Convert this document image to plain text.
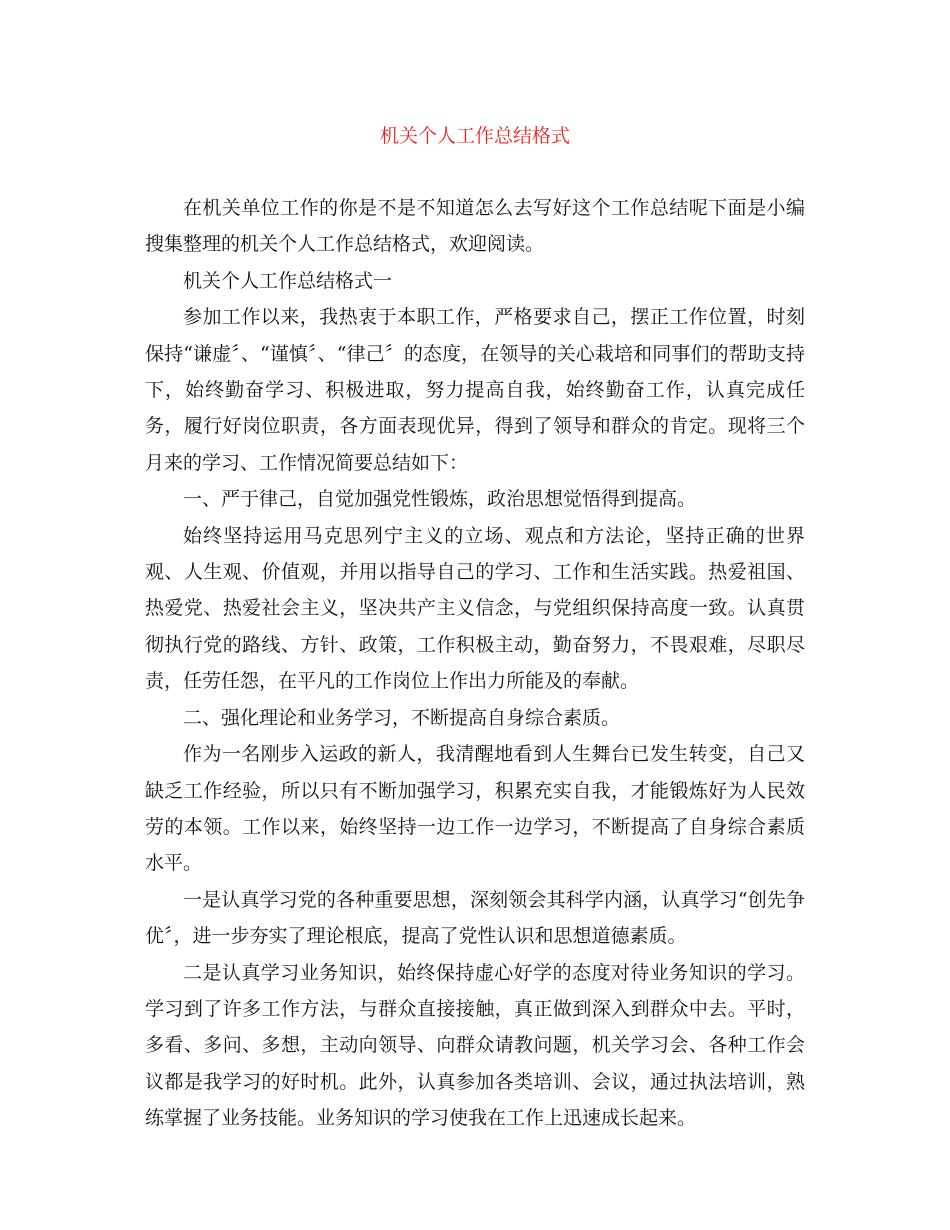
机关个人工作总结格式

在机关单位工作的你是不是不知道怎么去写好这个工作总结呢下面是小编搜集整理的机关个人工作总结格式，欢迎阅读。

机关个人工作总结格式一

参加工作以来，我热衷于本职工作，严格要求自己，摆正工作位置，时刻保持“谦虚〞、“谨慎〞、“律己〞的态度，在领导的关心栽培和同事们的帮助支持下，始终勤奋学习、积极进取，努力提高自我，始终勤奋工作，认真完成任务，履行好岗位职责，各方面表现优异，得到了领导和群众的肯定。现将三个月来的学习、工作情况简要总结如下：

一、严于律己，自觉加强党性锻炼，政治思想觉悟得到提高。

始终坚持运用马克思列宁主义的立场、观点和方法论，坚持正确的世界观、人生观、价值观，并用以指导自己的学习、工作和生活实践。热爱祖国、热爱党、热爱社会主义，坚决共产主义信念，与党组织保持高度一致。认真贯彻执行党的路线、方针、政策，工作积极主动，勤奋努力，不畏艰难，尽职尽责，任劳任怨，在平凡的工作岗位上作出力所能及的奉献。

二、强化理论和业务学习，不断提高自身综合素质。

作为一名刚步入运政的新人，我清醒地看到人生舞台已发生转变，自己又缺乏工作经验，所以只有不断加强学习，积累充实自我，才能锻炼好为人民效劳的本领。工作以来，始终坚持一边工作一边学习，不断提高了自身综合素质水平。

一是认真学习党的各种重要思想，深刻领会其科学内涵，认真学习“创先争优〞，进一步夯实了理论根底，提高了党性认识和思想道德素质。

二是认真学习业务知识，始终保持虚心好学的态度对待业务知识的学习。学习到了许多工作方法，与群众直接接触，真正做到深入到群众中去。平时，多看、多问、多想，主动向领导、向群众请教问题，机关学习会、各种工作会议都是我学习的好时机。此外，认真参加各类培训、会议，通过执法培训，熟练掌握了业务技能。业务知识的学习使我在工作上迅速成长起来。
